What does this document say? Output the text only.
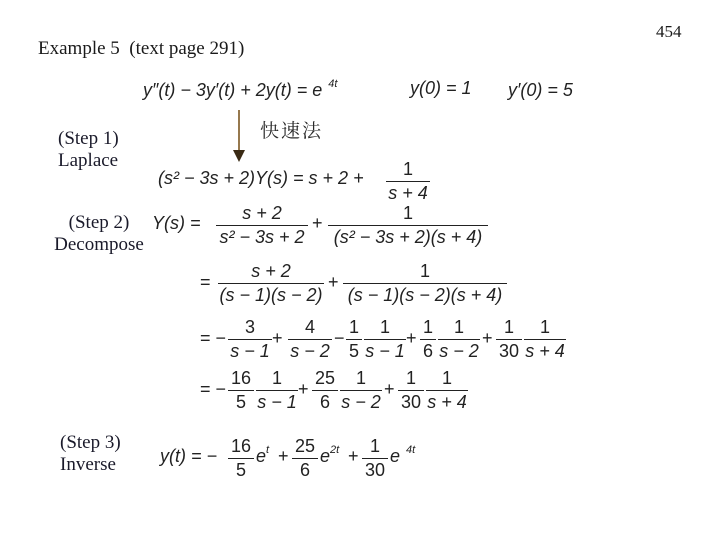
454
Example 5  (text page 291)
y″(t) − 3y′(t) + 2y(t) = e $^{4t}$	y(0) = 1 y′(0) = 5
快速法
(Step 1)
Laplace
(Step 2)
Decompose
(Step 3)
Inverse
(s² − 3s + 2)Y(s) = s + 2 +	1
s + 4
Y(s) =	s + 2
s² − 3s + 2
+	1
(s² − 3s + 2)(s + 4)
=
s + 2
(s − 1)(s − 2)
+
1
(s − 1)(s − 2)(s + 4)
= −
3
s − 1
+
4
s − 2
−
1
5
1
s − 1
+
1
6
1
s − 2
+
1
30
1
s + 4
= −
16
5
1
s − 1
+
25
6
1
s − 2
+
1
30
1
s + 4
y(t) = − 16
5
$e^t + 25$
6
$e^{2t} + 1$
30
e $^{4t}$
